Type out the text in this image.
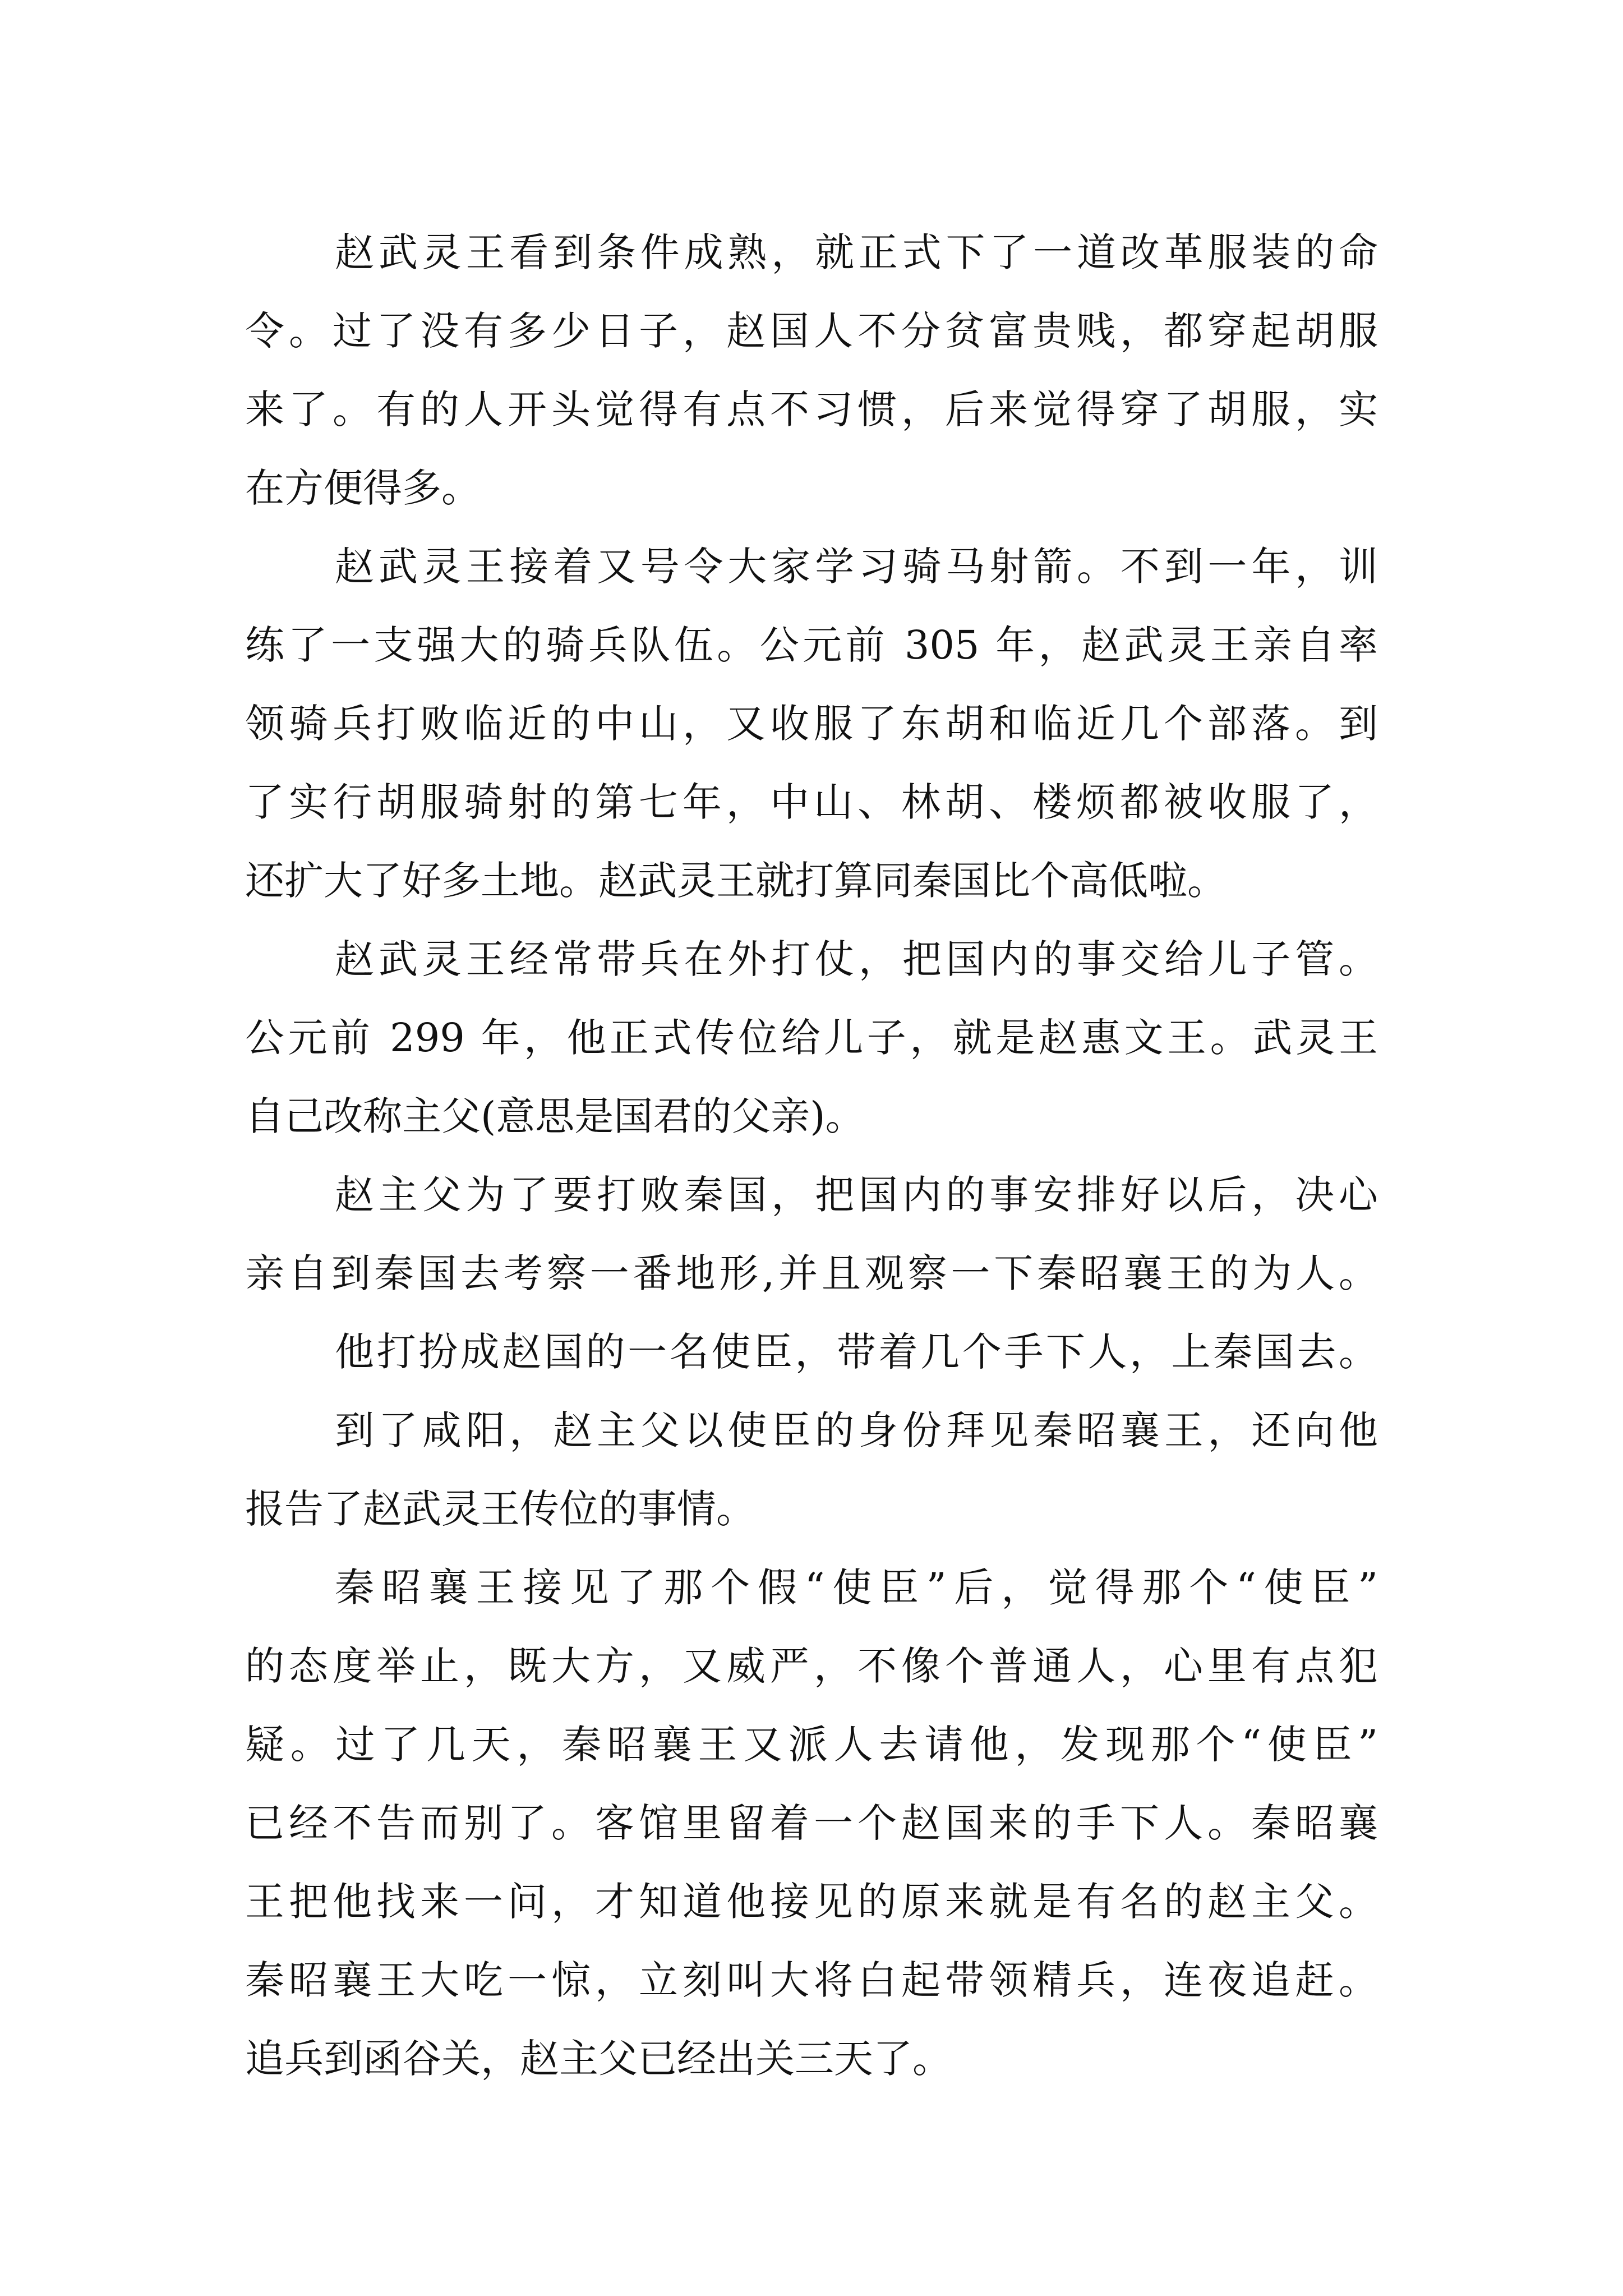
赵武灵王看到条件成熟，就正式下了一道改革服装的命
令。过了没有多少日子，赵国人不分贫富贵贱，都穿起胡服
来了。有的人开头觉得有点不习惯，后来觉得穿了胡服，实
在方便得多。
赵武灵王接着又号令大家学习骑马射箭。不到一年，训
练了一支强大的骑兵队伍。公元前 305 年，赵武灵王亲自率
领骑兵打败临近的中山，又收服了东胡和临近几个部落。到
了实行胡服骑射的第七年，中山、林胡、楼烦都被收服了，
还扩大了好多土地。赵武灵王就打算同秦国比个高低啦。
赵武灵王经常带兵在外打仗，把国内的事交给儿子管。
公元前 299 年，他正式传位给儿子，就是赵惠文王。武灵王
自己改称主父(意思是国君的父亲)。
赵主父为了要打败秦国，把国内的事安排好以后，决心
亲自到秦国去考察一番地形,并且观察一下秦昭襄王的为人。
他打扮成赵国的一名使臣，带着几个手下人，上秦国去。
到了咸阳，赵主父以使臣的身份拜见秦昭襄王，还向他
报告了赵武灵王传位的事情。
秦昭襄王接见了那个假“使臣”后，觉得那个“使臣”
的态度举止，既大方，又威严，不像个普通人，心里有点犯
疑。过了几天，秦昭襄王又派人去请他，发现那个“使臣”
已经不告而别了。客馆里留着一个赵国来的手下人。秦昭襄
王把他找来一问，才知道他接见的原来就是有名的赵主父。
秦昭襄王大吃一惊，立刻叫大将白起带领精兵，连夜追赶。
追兵到函谷关，赵主父已经出关三天了。
